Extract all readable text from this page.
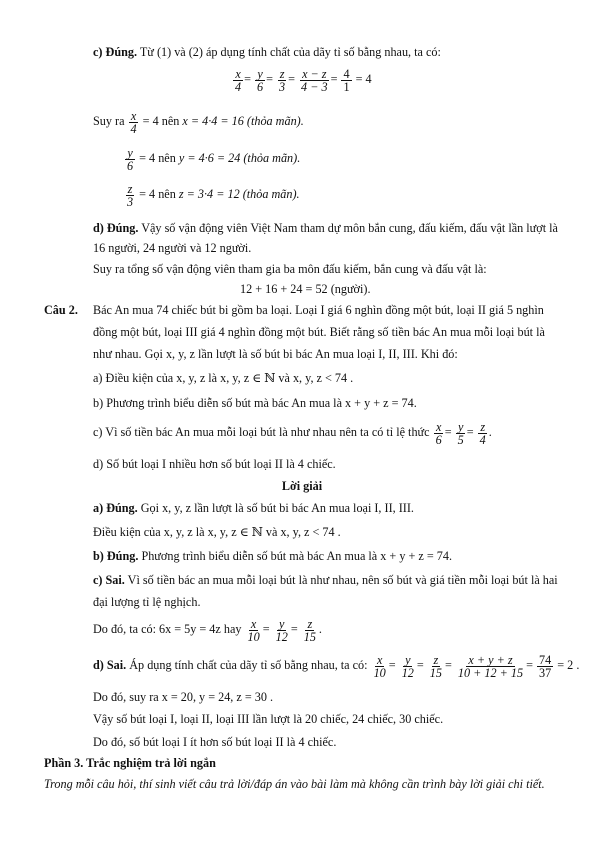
c) Đúng. Từ (1) và (2) áp dụng tính chất của dãy tỉ số bằng nhau, ta có:
$\frac{x}{4} = \frac{y}{6} = \frac{z}{3} = \frac{x - z}{4 - 3} = \frac{4}{1} = 4$
Suy ra $\frac{x}{4} = 4$ nên x = 4·4 = 16 (thỏa mãn).
$\frac{y}{6} = 4$ nên y = 4·6 = 24 (thỏa mãn).
$\frac{z}{3} = 4$ nên z = 3·4 = 12 (thỏa mãn).
d) Đúng. Vậy số vận động viên Việt Nam tham dự môn bắn cung, đấu kiếm, đấu vật lần lượt là
16 người, 24 người và 12 người.
Suy ra tổng số vận động viên tham gia ba môn đấu kiếm, bắn cung và đấu vật là:
12 + 16 + 24 = 52 (người).
Câu 2. Bác An mua 74 chiếc bút bi gồm ba loại. Loại I giá 6 nghìn đồng một bút, loại II giá 5 nghìn
đồng một bút, loại III giá 4 nghìn đồng một bút. Biết rằng số tiền bác An mua mỗi loại bút là
như nhau. Gọi x, y, z lần lượt là số bút bi bác An mua loại I, II, III. Khi đó:
a) Điều kiện của x, y, z là x, y, z ∈ ℕ và x, y, z < 74 .
b) Phương trình biểu diễn số bút mà bác An mua là x + y + z = 74.
c) Vì số tiền bác An mua mỗi loại bút là như nhau nên ta có tỉ lệ thức $\frac{x}{6} = \frac{y}{5} = \frac{z}{4}$ .
d) Số bút loại I nhiều hơn số bút loại II là 4 chiếc.
Lời giải
a) Đúng. Gọi x, y, z lần lượt là số bút bi bác An mua loại I, II, III.
Điều kiện của x, y, z là x, y, z ∈ ℕ và x, y, z < 74 .
b) Đúng. Phương trình biểu diễn số bút mà bác An mua là x + y + z = 74.
c) Sai. Vì số tiền bác an mua mỗi loại bút là như nhau, nên số bút và giá tiền mỗi loại bút là hai
đại lượng tỉ lệ nghịch.
Do đó, ta có: 6x = 5y = 4z hay $\frac{x}{10} = \frac{y}{12} = \frac{z}{15}$ .
d) Sai. Áp dụng tính chất của dãy tỉ số bằng nhau, ta có: $\frac{x}{10} = \frac{y}{12} = \frac{z}{15} = \frac{x + y + z}{10 + 12 + 15} = \frac{74}{37} = 2$ .
Do đó, suy ra x = 20, y = 24, z = 30 .
Vậy số bút loại I, loại II, loại III lần lượt là 20 chiếc, 24 chiếc, 30 chiếc.
Do đó, số bút loại I ít hơn số bút loại II là 4 chiếc.
Phần 3. Trắc nghiệm trả lời ngắn
Trong mỗi câu hỏi, thí sinh viết câu trả lời/đáp án vào bài làm mà không cần trình bày lời giải chi tiết.
